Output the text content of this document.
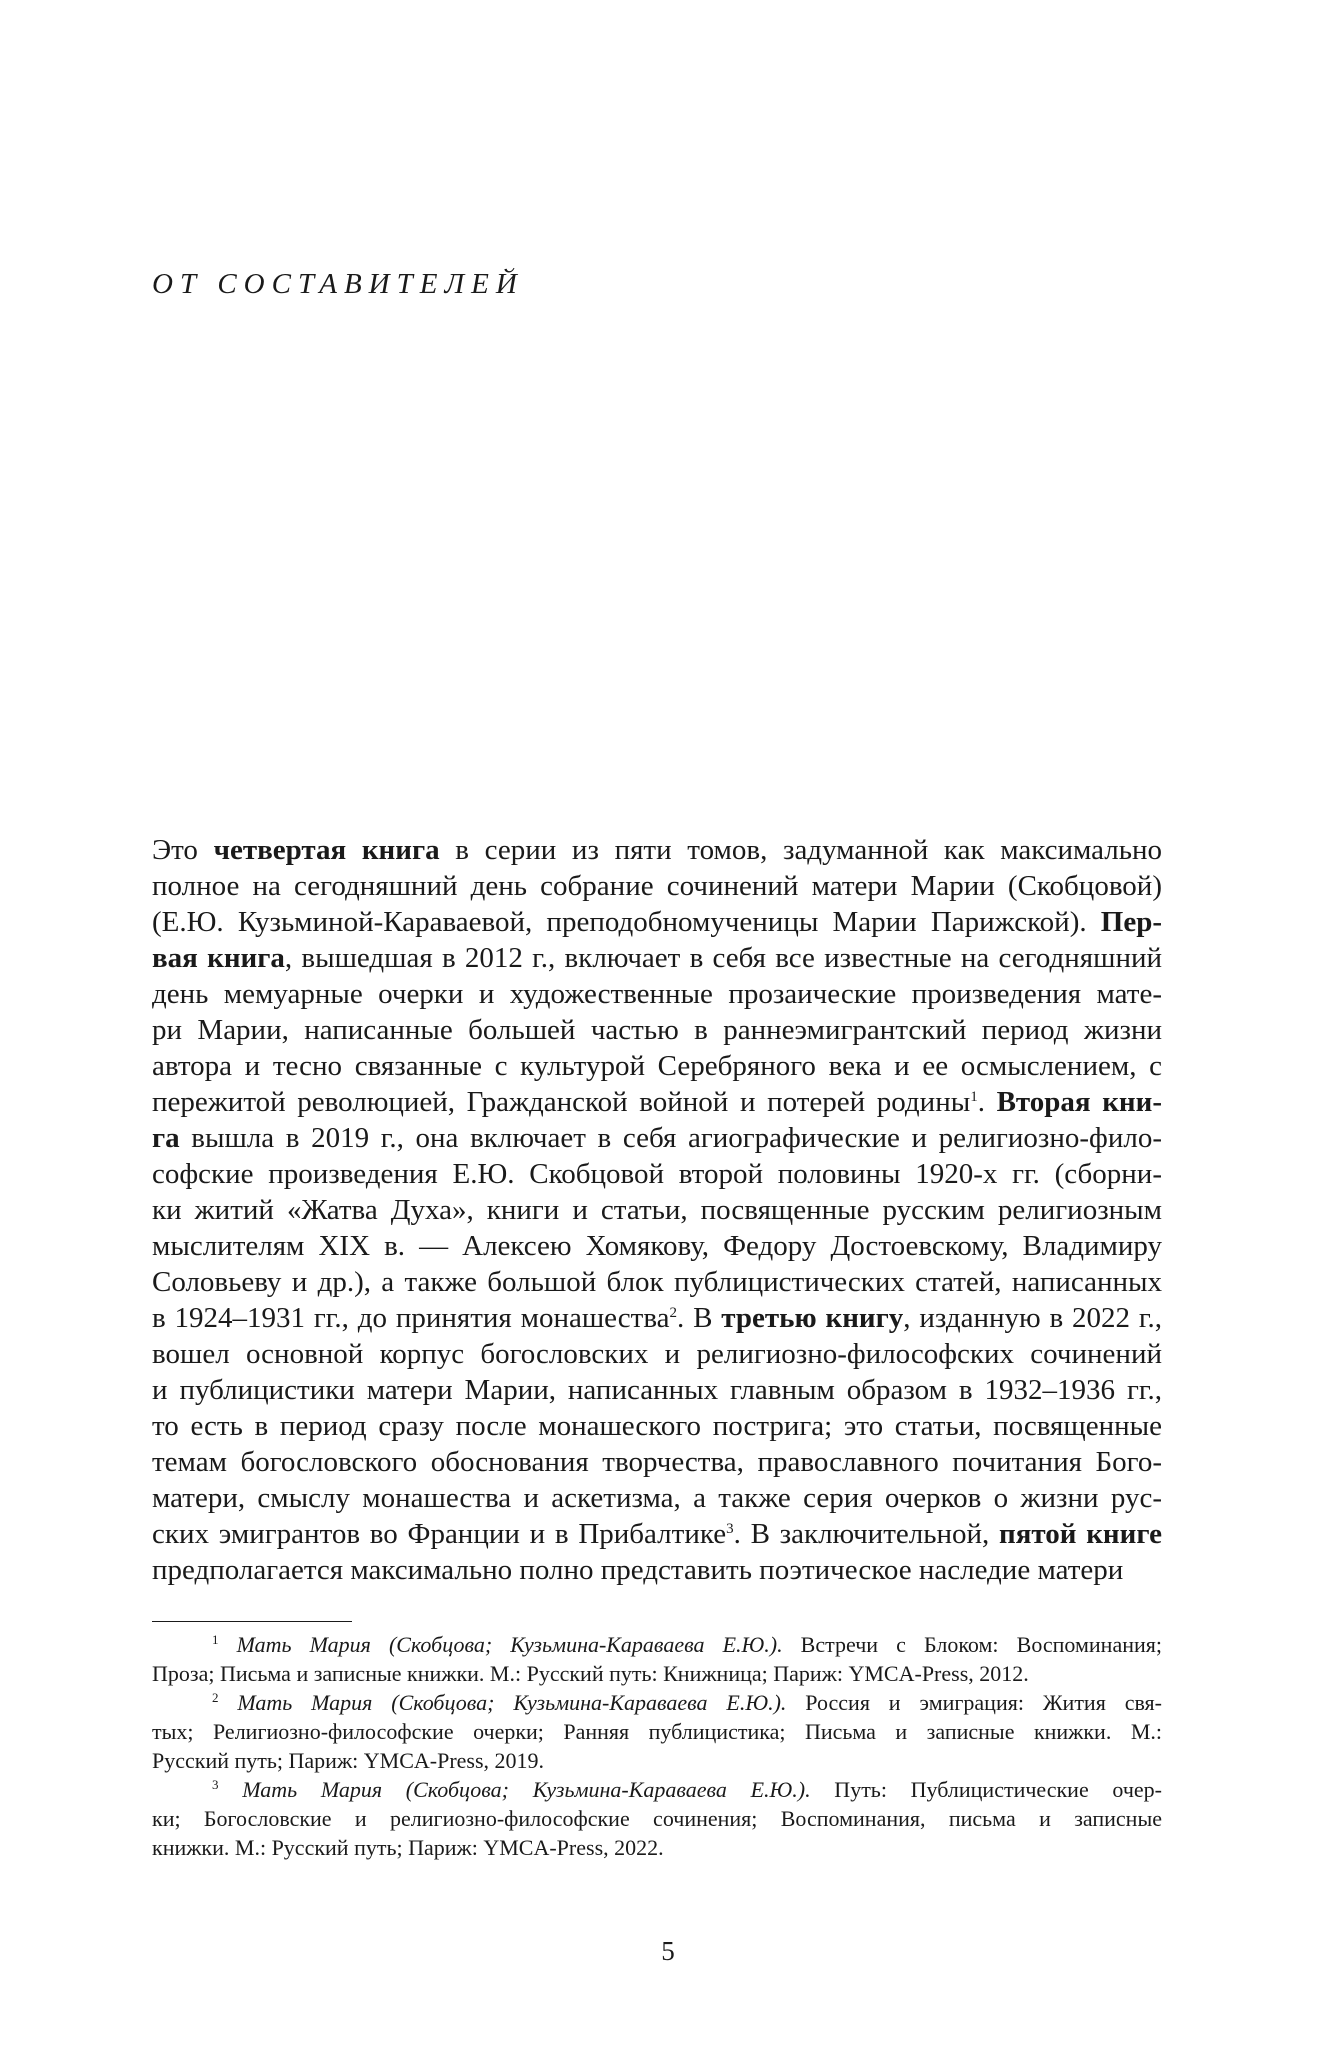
ОТ СОСТАВИТЕЛЕЙ
Это четвертая книга в серии из пяти томов, задуманной как максимально
полное на сегодняшний день собрание сочинений матери Марии (Скобцовой)
(Е.Ю. Кузьминой-Караваевой, преподобномученицы Марии Парижской). Пер-
вая книга, вышедшая в 2012 г., включает в себя все известные на сегодняшний
день мемуарные очерки и художественные прозаические произведения мате-
ри Марии, написанные большей частью в раннеэмигрантский период жизни
автора и тесно связанные с культурой Серебряного века и ее осмыслением, с
пережитой революцией, Гражданской войной и потерей родины$^1$. Вторая кни-
га вышла в 2019 г., она включает в себя агиографические и религиозно-фило-
софские произведения Е.Ю. Скобцовой второй половины 1920-х гг. (сборни-
ки житий «Жатва Духа», книги и статьи, посвященные русским религиозным
мыслителям XIX в. — Алексею Хомякову, Федору Достоевскому, Владимиру
Соловьеву и др.), а также большой блок публицистических статей, написанных
в 1924–1931 гг., до принятия монашества$^2$. В третью книгу, изданную в 2022 г.,
вошел основной корпус богословских и религиозно-философских сочинений
и публицистики матери Марии, написанных главным образом в 1932–1936 гг.,
то есть в период сразу после монашеского пострига; это статьи, посвященные
темам богословского обоснования творчества, православного почитания Бого-
матери, смыслу монашества и аскетизма, а также серия очерков о жизни рус-
ских эмигрантов во Франции и в Прибалтике$^3$. В заключительной, пятой книге
предполагается максимально полно представить поэтическое наследие матери
$^1$ Мать Мария (Скобцова; Кузьмина-Караваева Е.Ю.). Встречи с Блоком: Воспоминания;
Проза; Письма и записные книжки. М.: Русский путь: Книжница; Париж: YMCA-Press, 2012.
$^2$ Мать Мария (Скобцова; Кузьмина-Караваева Е.Ю.). Россия и эмиграция: Жития свя-
тых; Религиозно-философские очерки; Ранняя публицистика; Письма и записные книжки. М.:
Русский путь; Париж: YMCA-Press, 2019.
$^3$ Мать Мария (Скобцова; Кузьмина-Караваева Е.Ю.). Путь: Публицистические очер-
ки; Богословские и религиозно-философские сочинения; Воспоминания, письма и записные
книжки. М.: Русский путь; Париж: YMCA-Press, 2022.
5
